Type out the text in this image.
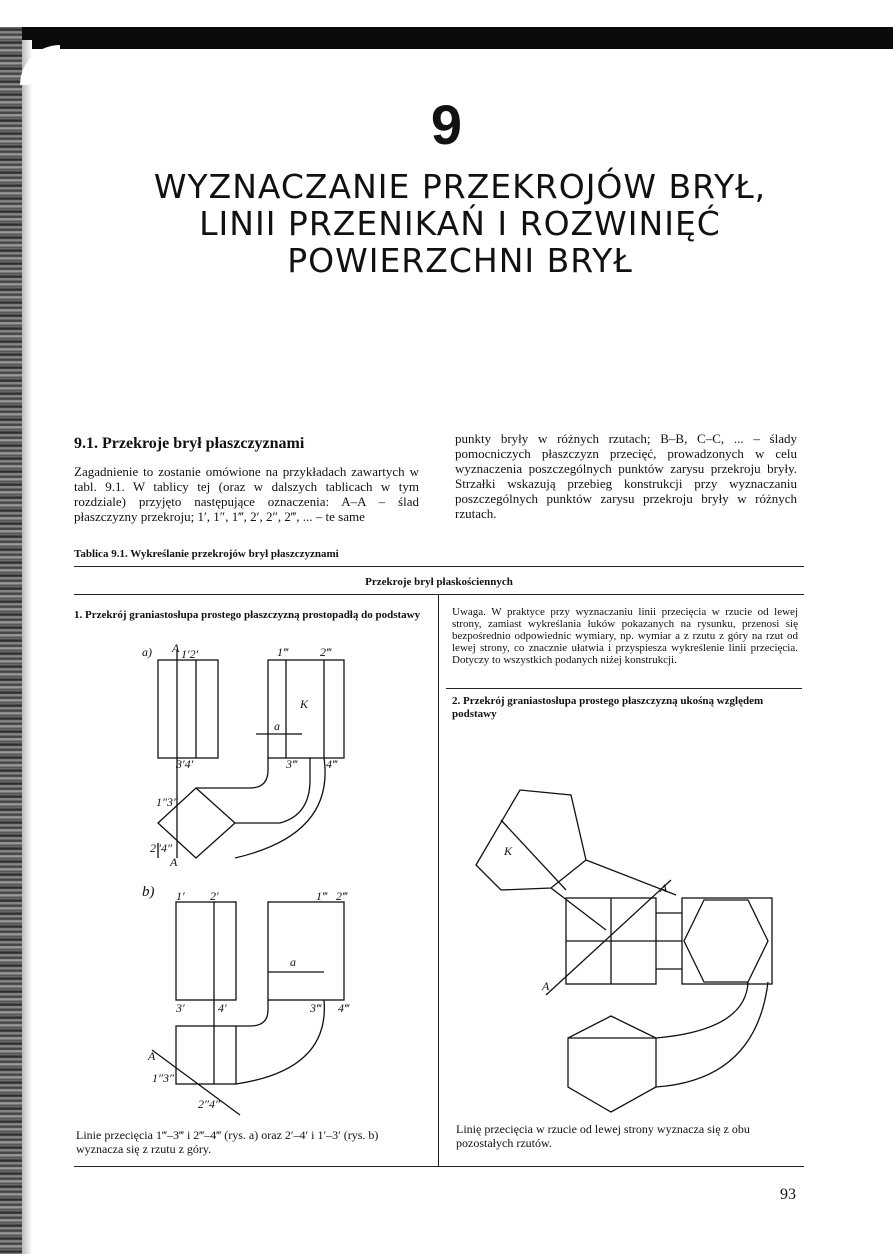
9
WYZNACZANIE PRZEKROJÓW BRYŁ,
LINII PRZENIKAŃ I ROZWINIĘĆ
POWIERZCHNI BRYŁ
9.1. Przekroje brył płaszczyznami
Zagadnienie to zostanie omówione na przykładach zawartych w tabl. 9.1. W tablicy tej (oraz w dalszych tablicach w tym rozdziale) przyjęto następujące oznaczenia: A–A – ślad płaszczyzny przekroju; 1′, 1″, 1‴, 2′, 2″, 2‴, ... – te same
punkty bryły w różnych rzutach; B–B, C–C, ... – ślady pomocniczych płaszczyzn przecięć, prowadzonych w celu wyznaczenia poszczególnych punktów zarysu przekroju bryły. Strzałki wskazują przebieg konstrukcji przy wyznaczaniu poszczególnych punktów zarysu przekroju bryły w różnych rzutach.
Tablica 9.1. Wykreślanie przekrojów brył płaszczyznami
Przekroje brył płaskościennych
1. Przekrój graniastosłupa prostego płaszczyzną prostopadłą do podstawy	Uwaga. W praktyce przy wyznaczaniu linii przecięcia w rzucie od lewej strony, zamiast wykreślania łuków pokazanych na rysunku, przenosi się bezpośrednio odpowiednic wymiary, np. wymiar a z rzutu z góry na rzut od lewej strony, co znacznie ułatwia i przyspiesza wykreślenie linii przecięcia. Dotyczy to wszystkich podanych niżej konstrukcji.
2. Przekrój graniastosłupa prostego płaszczyzną ukośną względem podstawy
a) A 1′2′	1‴	2‴
K
a
3′4′	3‴ 4‴
1″3″
2″4″
A
b) 1′ 2′	1‴ 2‴
a
3′	4′	3‴ 4‴
A
1″3″
2″4″
K
A
A
Linie przecięcia 1‴–3‴ i 2‴–4‴ (rys. a) oraz 2′–4′ i 1′–3′ (rys. b) wyznacza się z rzutu z góry.
Linię przecięcia w rzucie od lewej strony wyznacza się z obu pozostałych rzutów.
93
